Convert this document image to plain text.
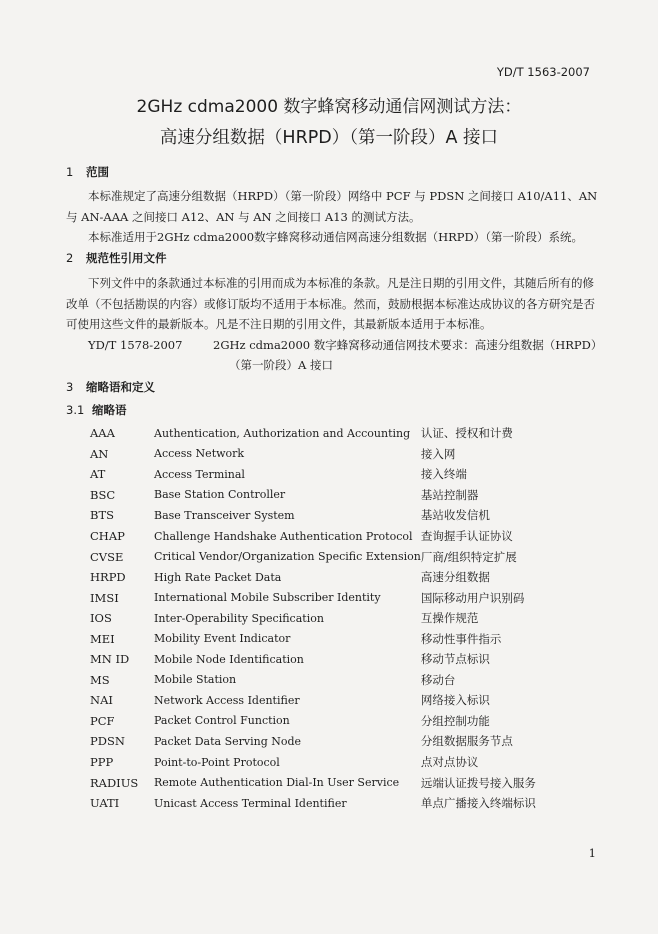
YD/T 1563-2007
2GHz cdma2000 数字蜂窝移动通信网测试方法：
高速分组数据（HRPD）（第一阶段）A 接口
1 范围
本标准规定了高速分组数据（HRPD）（第一阶段）网络中 PCF 与 PDSN 之间接口 A10/A11、AN 与 AN-AAA 之间接口 A12、AN 与 AN 之间接口 A13 的测试方法。
本标准适用于2GHz cdma2000数字蜂窝移动通信网高速分组数据（HRPD）（第一阶段）系统。
2 规范性引用文件
下列文件中的条款通过本标准的引用而成为本标准的条款。凡是注日期的引用文件，其随后所有的修改单（不包括勘误的内容）或修订版均不适用于本标准。然而，鼓励根据本标准达成协议的各方研究是否可使用这些文件的最新版本。凡是不注日期的引用文件，其最新版本适用于本标准。
YD/T 1578-2007	2GHz cdma2000 数字蜂窝移动通信网技术要求：高速分组数据（HRPD）
（第一阶段）A 接口
3 缩略语和定义
3.1 缩略语
AAA	Authentication, Authorization and Accounting	认证、授权和计费
AN	Access Network	接入网
AT	Access Terminal	接入终端
BSC	Base Station Controller	基站控制器
BTS	Base Transceiver System	基站收发信机
CHAP	Challenge Handshake Authentication Protocol	查询握手认证协议
CVSE	Critical Vendor/Organization Specific Extension	厂商/组织特定扩展
HRPD	High Rate Packet Data	高速分组数据
IMSI	International Mobile Subscriber Identity	国际移动用户识别码
IOS	Inter-Operability Specification	互操作规范
MEI	Mobility Event Indicator	移动性事件指示
MN ID	Mobile Node Identification	移动节点标识
MS	Mobile Station	移动台
NAI	Network Access Identifier	网络接入标识
PCF	Packet Control Function	分组控制功能
PDSN	Packet Data Serving Node	分组数据服务节点
PPP	Point-to-Point Protocol	点对点协议
RADIUS	Remote Authentication Dial-In User Service	远端认证拨号接入服务
UATI	Unicast Access Terminal Identifier	单点广播接入终端标识
1
